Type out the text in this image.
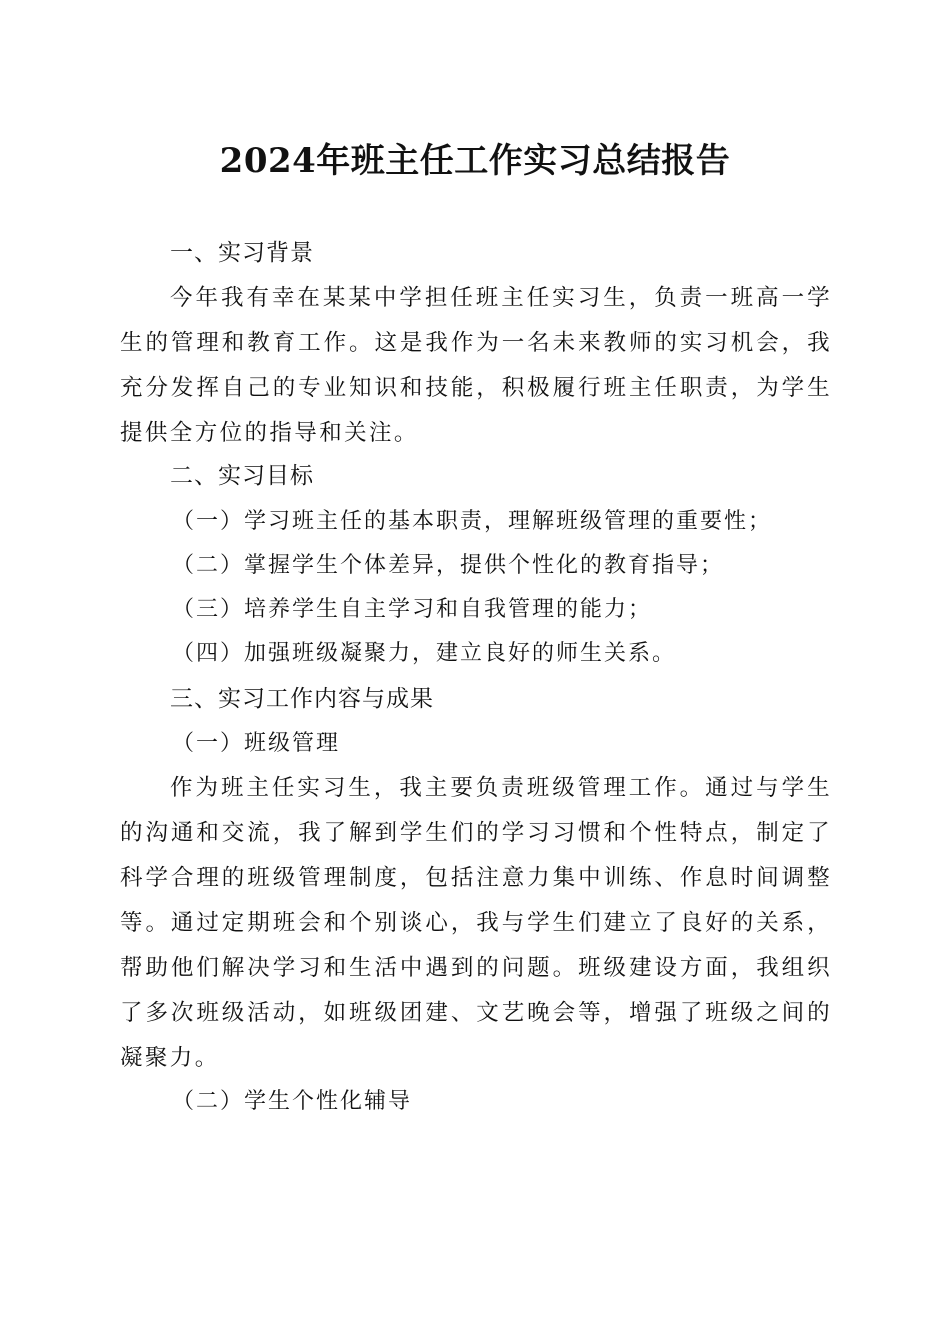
2024年班主任工作实习总结报告
一、实习背景

今年我有幸在某某中学担任班主任实习生，负责一班高一学生的管理和教育工作。这是我作为一名未来教师的实习机会，我充分发挥自己的专业知识和技能，积极履行班主任职责，为学生提供全方位的指导和关注。

二、实习目标
（一）学习班主任的基本职责，理解班级管理的重要性；
（二）掌握学生个体差异，提供个性化的教育指导；
（三）培养学生自主学习和自我管理的能力；
（四）加强班级凝聚力，建立良好的师生关系。
三、实习工作内容与成果
（一）班级管理

作为班主任实习生，我主要负责班级管理工作。通过与学生的沟通和交流，我了解到学生们的学习习惯和个性特点，制定了科学合理的班级管理制度，包括注意力集中训练、作息时间调整等。通过定期班会和个别谈心，我与学生们建立了良好的关系，帮助他们解决学习和生活中遇到的问题。班级建设方面，我组织了多次班级活动，如班级团建、文艺晚会等，增强了班级之间的凝聚力。

（二）学生个性化辅导
